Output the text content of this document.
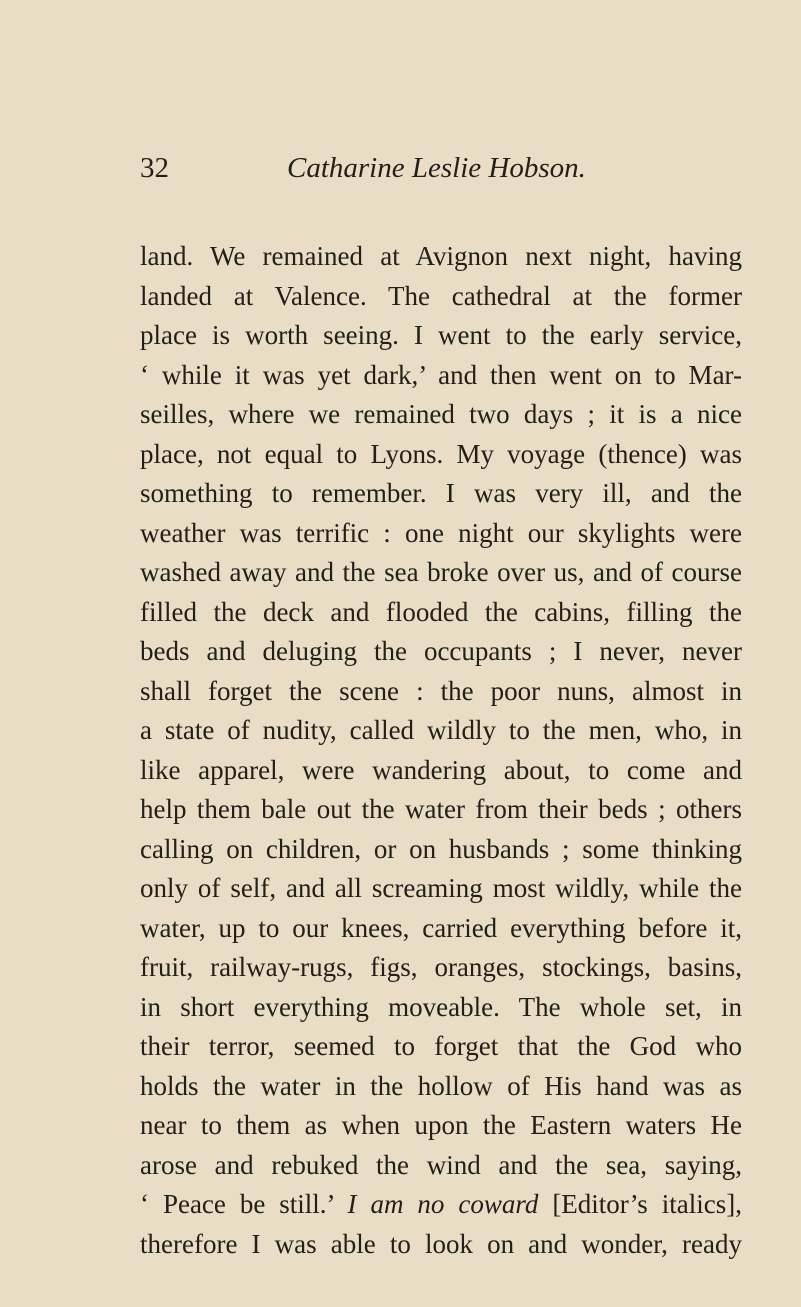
32	Catharine Leslie Hobson.
land. We remained at Avignon next night, having
landed at Valence. The cathedral at the former
place is worth seeing. I went to the early service,
‘ while it was yet dark,’ and then went on to Mar-
seilles, where we remained two days ; it is a nice
place, not equal to Lyons. My voyage (thence) was
something to remember. I was very ill, and the
weather was terrific : one night our skylights were
washed away and the sea broke over us, and of course
filled the deck and flooded the cabins, filling the
beds and deluging the occupants ; I never, never
shall forget the scene : the poor nuns, almost in
a state of nudity, called wildly to the men, who, in
like apparel, were wandering about, to come and
help them bale out the water from their beds ; others
calling on children, or on husbands ; some thinking
only of self, and all screaming most wildly, while the
water, up to our knees, carried everything before it,
fruit, railway-rugs, figs, oranges, stockings, basins,
in short everything moveable. The whole set, in
their terror, seemed to forget that the God who
holds the water in the hollow of His hand was as
near to them as when upon the Eastern waters He
arose and rebuked the wind and the sea, saying,
‘ Peace be still.’ I am no coward [Editor’s italics],
therefore I was able to look on and wonder, ready
